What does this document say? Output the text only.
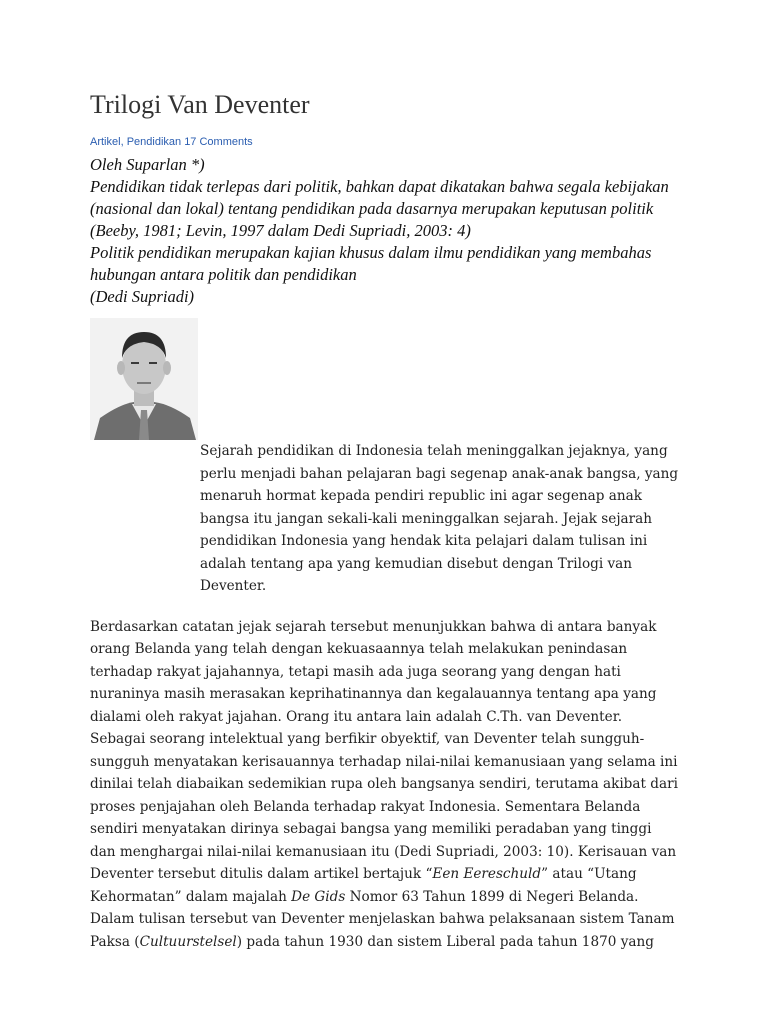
Trilogi Van Deventer
Artikel, Pendidikan 17 Comments

Oleh Suparlan *)

Pendidikan tidak terlepas dari politik, bahkan dapat dikatakan bahwa segala kebijakan (nasional dan lokal) tentang pendidikan pada dasarnya merupakan keputusan politik

(Beeby, 1981; Levin, 1997 dalam Dedi Supriadi, 2003: 4)

Politik pendidikan merupakan kajian khusus dalam ilmu pendidikan yang membahas hubungan antara politik dan pendidikan

(Dedi Supriadi)

Sejarah pendidikan di Indonesia telah meninggalkan jejaknya, yang perlu menjadi bahan pelajaran bagi segenap anak-anak bangsa, yang menaruh hormat kepada pendiri republic ini agar segenap anak bangsa itu jangan sekali-kali meninggalkan sejarah. Jejak sejarah pendidikan Indonesia yang hendak kita pelajari dalam tulisan ini adalah tentang apa yang kemudian disebut dengan Trilogi van Deventer.

Berdasarkan catatan jejak sejarah tersebut menunjukkan bahwa di antara banyak orang Belanda yang telah dengan kekuasaannya telah melakukan penindasan terhadap rakyat jajahannya, tetapi masih ada juga seorang yang dengan hati nuraninya masih merasakan keprihatinannya dan kegalauannya tentang apa yang dialami oleh rakyat jajahan. Orang itu antara lain adalah C.Th. van Deventer. Sebagai seorang intelektual yang berfikir obyektif, van Deventer telah sungguh-sungguh menyatakan kerisauannya terhadap nilai-nilai kemanusiaan yang selama ini dinilai telah diabaikan sedemikian rupa oleh bangsanya sendiri, terutama akibat dari proses penjajahan oleh Belanda terhadap rakyat Indonesia. Sementara Belanda sendiri menyatakan dirinya sebagai bangsa yang memiliki peradaban yang tinggi dan menghargai nilai-nilai kemanusiaan itu (Dedi Supriadi, 2003: 10). Kerisauan van Deventer tersebut ditulis dalam artikel bertajuk “Een Eereschuld” atau “Utang Kehormatan” dalam majalah De Gids Nomor 63 Tahun 1899 di Negeri Belanda. Dalam tulisan tersebut van Deventer menjelaskan bahwa pelaksanaan sistem Tanam Paksa (Cultuurstelsel) pada tahun 1930 dan sistem Liberal pada tahun 1870 yang
